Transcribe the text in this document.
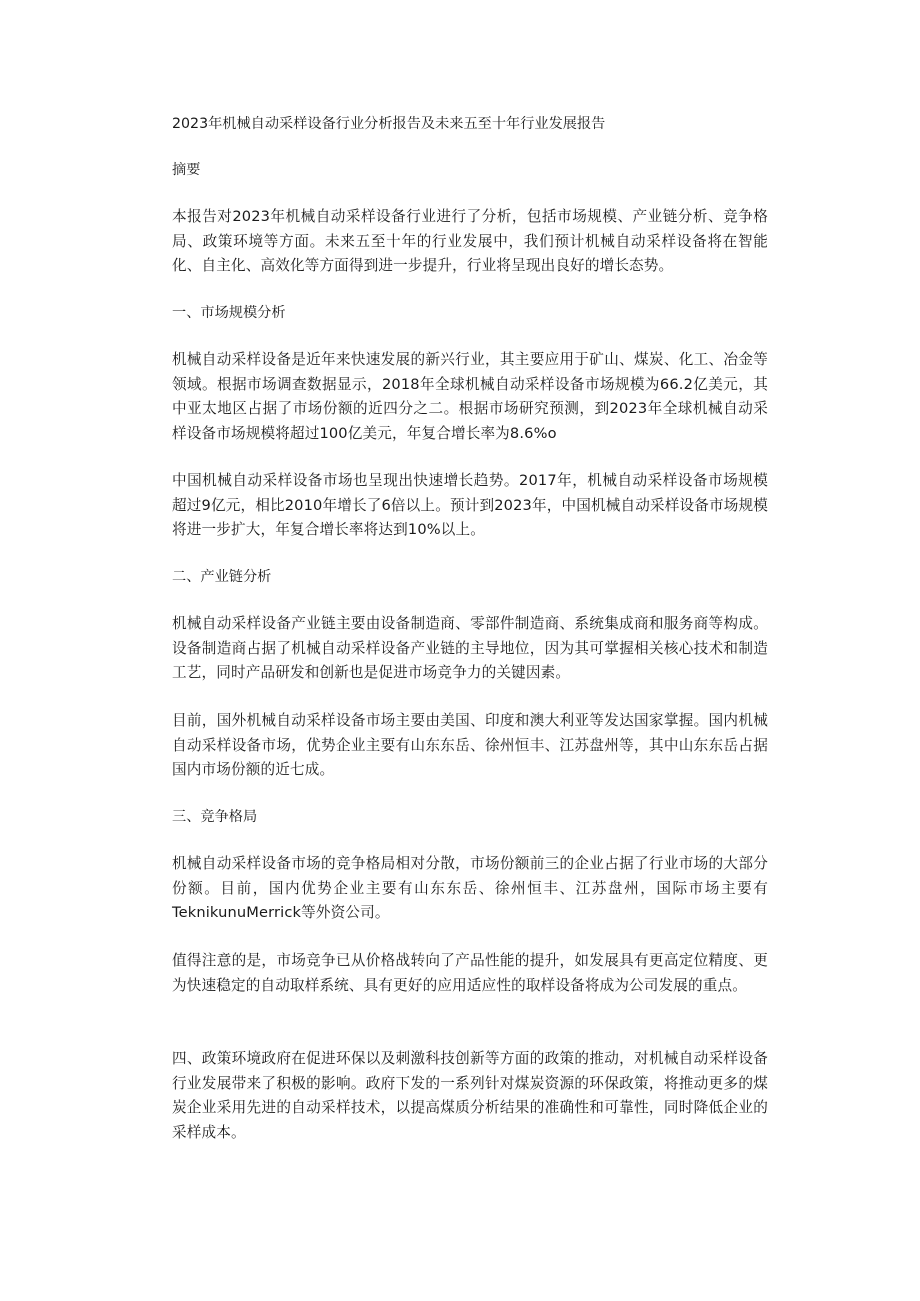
2023年机械自动采样设备行业分析报告及未来五至十年行业发展报告
摘要
本报告对2023年机械自动采样设备行业进行了分析，包括市场规模、产业链分析、竞争格局、政策环境等方面。未来五至十年的行业发展中，我们预计机械自动采样设备将在智能化、自主化、高效化等方面得到进一步提升，行业将呈现出良好的增长态势。
一、市场规模分析
机械自动采样设备是近年来快速发展的新兴行业，其主要应用于矿山、煤炭、化工、冶金等领域。根据市场调查数据显示，2018年全球机械自动采样设备市场规模为66.2亿美元，其中亚太地区占据了市场份额的近四分之二。根据市场研究预测，到2023年全球机械自动采样设备市场规模将超过100亿美元，年复合增长率为8.6%o
中国机械自动采样设备市场也呈现出快速增长趋势。2017年，机械自动采样设备市场规模超过9亿元，相比2010年增长了6倍以上。预计到2023年，中国机械自动采样设备市场规模将进一步扩大，年复合增长率将达到10%以上。
二、产业链分析
机械自动采样设备产业链主要由设备制造商、零部件制造商、系统集成商和服务商等构成。设备制造商占据了机械自动采样设备产业链的主导地位，因为其可掌握相关核心技术和制造工艺，同时产品研发和创新也是促进市场竞争力的关键因素。
目前，国外机械自动采样设备市场主要由美国、印度和澳大利亚等发达国家掌握。国内机械自动采样设备市场，优势企业主要有山东东岳、徐州恒丰、江苏盘州等，其中山东东岳占据国内市场份额的近七成。
三、竞争格局
机械自动采样设备市场的竞争格局相对分散，市场份额前三的企业占据了行业市场的大部分份额。目前，国内优势企业主要有山东东岳、徐州恒丰、江苏盘州，国际市场主要有TeknikunuMerrick等外资公司。
值得注意的是，市场竞争已从价格战转向了产品性能的提升，如发展具有更高定位精度、更为快速稳定的自动取样系统、具有更好的应用适应性的取样设备将成为公司发展的重点。
四、政策环境政府在促进环保以及刺激科技创新等方面的政策的推动，对机械自动采样设备行业发展带来了积极的影响。政府下发的一系列针对煤炭资源的环保政策，将推动更多的煤炭企业采用先进的自动采样技术，以提高煤质分析结果的准确性和可靠性，同时降低企业的采样成本。
